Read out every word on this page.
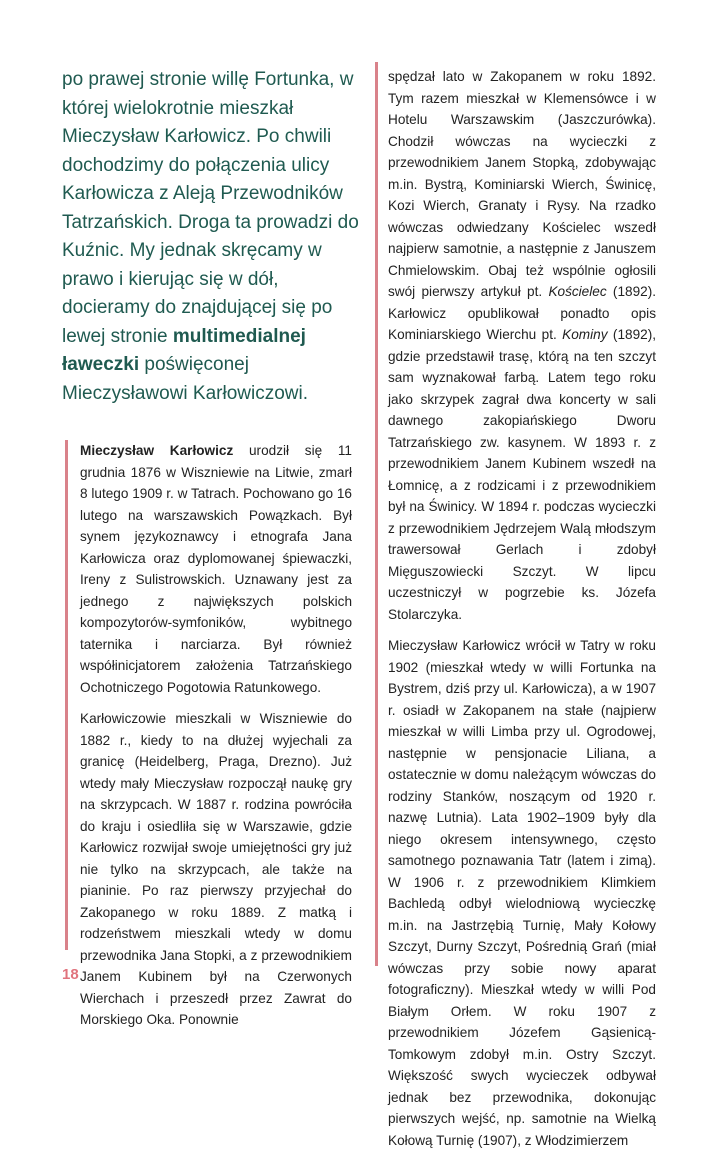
po prawej stronie willę Fortunka, w której wielokrotnie mieszkał Mieczysław Karłowicz. Po chwili dochodzimy do połączenia ulicy Karłowicza z Aleją Przewodników Tatrzańskich. Droga ta prowadzi do Kuźnic. My jednak skręcamy w prawo i kierując się w dół, docieramy do znajdującej się po lewej stronie multimedialnej ławeczki poświęconej Mieczysławowi Karłowiczowi.

Mieczysław Karłowicz urodził się 11 grudnia 1876 w Wiszniewie na Litwie, zmarł 8 lutego 1909 r. w Tatrach. Pochowano go 16 lutego na warszawskich Powązkach. Był synem językoznawcy i etnografa Jana Karłowicza oraz dyplomowanej śpiewaczki, Ireny z Sulistrowskich. Uznawany jest za jednego z największych polskich kompozytorów-symfoników, wybitnego taternika i narciarza. Był również współinicjatorem założenia Tatrzańskiego Ochotniczego Pogotowia Ratunkowego.

Karłowiczowie mieszkali w Wiszniewie do 1882 r., kiedy to na dłużej wyjechali za granicę (Heidelberg, Praga, Drezno). Już wtedy mały Mieczysław rozpoczął naukę gry na skrzypcach. W 1887 r. rodzina powróciła do kraju i osiedliła się w Warszawie, gdzie Karłowicz rozwijał swoje umiejętności gry już nie tylko na skrzypcach, ale także na pianinie. Po raz pierwszy przyjechał do Zakopanego w roku 1889. Z matką i rodzeństwem mieszkali wtedy w domu przewodnika Jana Stopki, a z przewodnikiem Janem Kubinem był na Czerwonych Wierchach i przeszedł przez Zawrat do Morskiego Oka. Ponownie

spędzał lato w Zakopanem w roku 1892. Tym razem mieszkał w Klemensówce i w Hotelu Warszawskim (Jaszczurówka). Chodził wówczas na wycieczki z przewodnikiem Janem Stopką, zdobywając m.in. Bystrą, Kominiarski Wierch, Świnicę, Kozi Wierch, Granaty i Rysy. Na rzadko wówczas odwiedzany Kościelec wszedł najpierw samotnie, a następnie z Januszem Chmielowskim. Obaj też wspólnie ogłosili swój pierwszy artykuł pt. Kościelec (1892). Karłowicz opublikował ponadto opis Kominiarskiego Wierchu pt. Kominy (1892), gdzie przedstawił trasę, którą na ten szczyt sam wyznakował farbą. Latem tego roku jako skrzypek zagrał dwa koncerty w sali dawnego zakopiańskiego Dworu Tatrzańskiego zw. kasynem. W 1893 r. z przewodnikiem Janem Kubinem wszedł na Łomnicę, a z rodzicami i z przewodnikiem był na Świnicy. W 1894 r. podczas wycieczki z przewodnikiem Jędrzejem Walą młodszym trawersował Gerlach i zdobył Mięguszowiecki Szczyt. W lipcu uczestniczył w pogrzebie ks. Józefa Stolarczyka.

Mieczysław Karłowicz wrócił w Tatry w roku 1902 (mieszkał wtedy w willi Fortunka na Bystrem, dziś przy ul. Karłowicza), a w 1907 r. osiadł w Zakopanem na stałe (najpierw mieszkał w willi Limba przy ul. Ogrodowej, następnie w pensjonacie Liliana, a ostatecznie w domu należącym wówczas do rodziny Stanków, noszącym od 1920 r. nazwę Lutnia). Lata 1902–1909 były dla niego okresem intensywnego, często samotnego poznawania Tatr (latem i zimą). W 1906 r. z przewodnikiem Klimkiem Bachledą odbył wielodniową wycieczkę m.in. na Jastrzębią Turnię, Mały Kołowy Szczyt, Durny Szczyt, Pośrednią Grań (miał wówczas przy sobie nowy aparat fotograficzny). Mieszkał wtedy w willi Pod Białym Orłem. W roku 1907 z przewodnikiem Józefem Gąsienicą-Tomkowym zdobył m.in. Ostry Szczyt. Większość swych wycieczek odbywał jednak bez przewodnika, dokonując pierwszych wejść, np. samotnie na Wielką Kołową Turnię (1907), z Włodzimierzem

18
